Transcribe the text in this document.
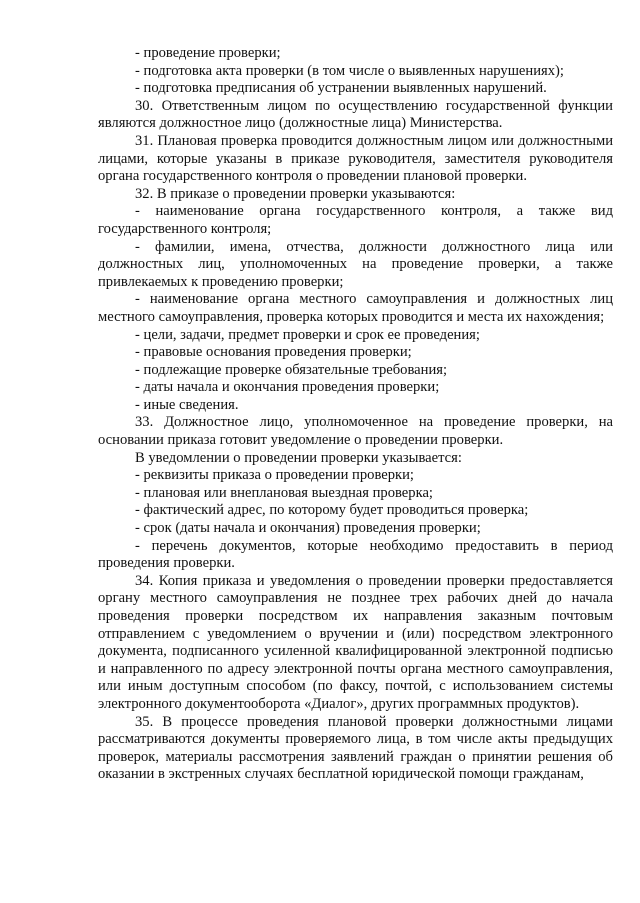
- проведение проверки;

- подготовка акта проверки (в том числе о выявленных нарушениях);

- подготовка предписания об устранении выявленных нарушений.

30. Ответственным лицом по осуществлению государственной функции являются должностное лицо (должностные лица) Министерства.

31. Плановая проверка проводится должностным лицом или должностными лицами, которые указаны в приказе руководителя, заместителя руководителя органа государственного контроля о проведении плановой проверки.

32. В приказе о проведении проверки указываются:

- наименование органа государственного контроля, а также вид государственного контроля;

- фамилии, имена, отчества, должности должностного лица или должностных лиц, уполномоченных на проведение проверки, а также привлекаемых к проведению проверки;

- наименование органа местного самоуправления и должностных лиц местного самоуправления, проверка которых проводится и места их нахождения;

- цели, задачи, предмет проверки и срок ее проведения;

- правовые основания проведения проверки;

- подлежащие проверке обязательные требования;

- даты начала и окончания проведения проверки;

- иные сведения.

33. Должностное лицо, уполномоченное на проведение проверки, на основании приказа готовит уведомление о проведении проверки.

В уведомлении о проведении проверки указывается:

- реквизиты приказа о проведении проверки;

- плановая или внеплановая выездная проверка;

- фактический адрес, по которому будет проводиться проверка;

- срок (даты начала и окончания) проведения проверки;

- перечень документов, которые необходимо предоставить в период проведения проверки.

34. Копия приказа и уведомления о проведении проверки предоставляется органу местного самоуправления не позднее трех рабочих дней до начала проведения проверки посредством их направления заказным почтовым отправлением с уведомлением о вручении и (или) посредством электронного документа, подписанного усиленной квалифицированной электронной подписью и направленного по адресу электронной почты органа местного самоуправления, или иным доступным способом (по факсу, почтой, с использованием системы электронного документооборота «Диалог», других программных продуктов).

35. В процессе проведения плановой проверки должностными лицами рассматриваются документы проверяемого лица, в том числе акты предыдущих проверок, материалы рассмотрения заявлений граждан о принятии решения об оказании в экстренных случаях бесплатной юридической помощи гражданам,
